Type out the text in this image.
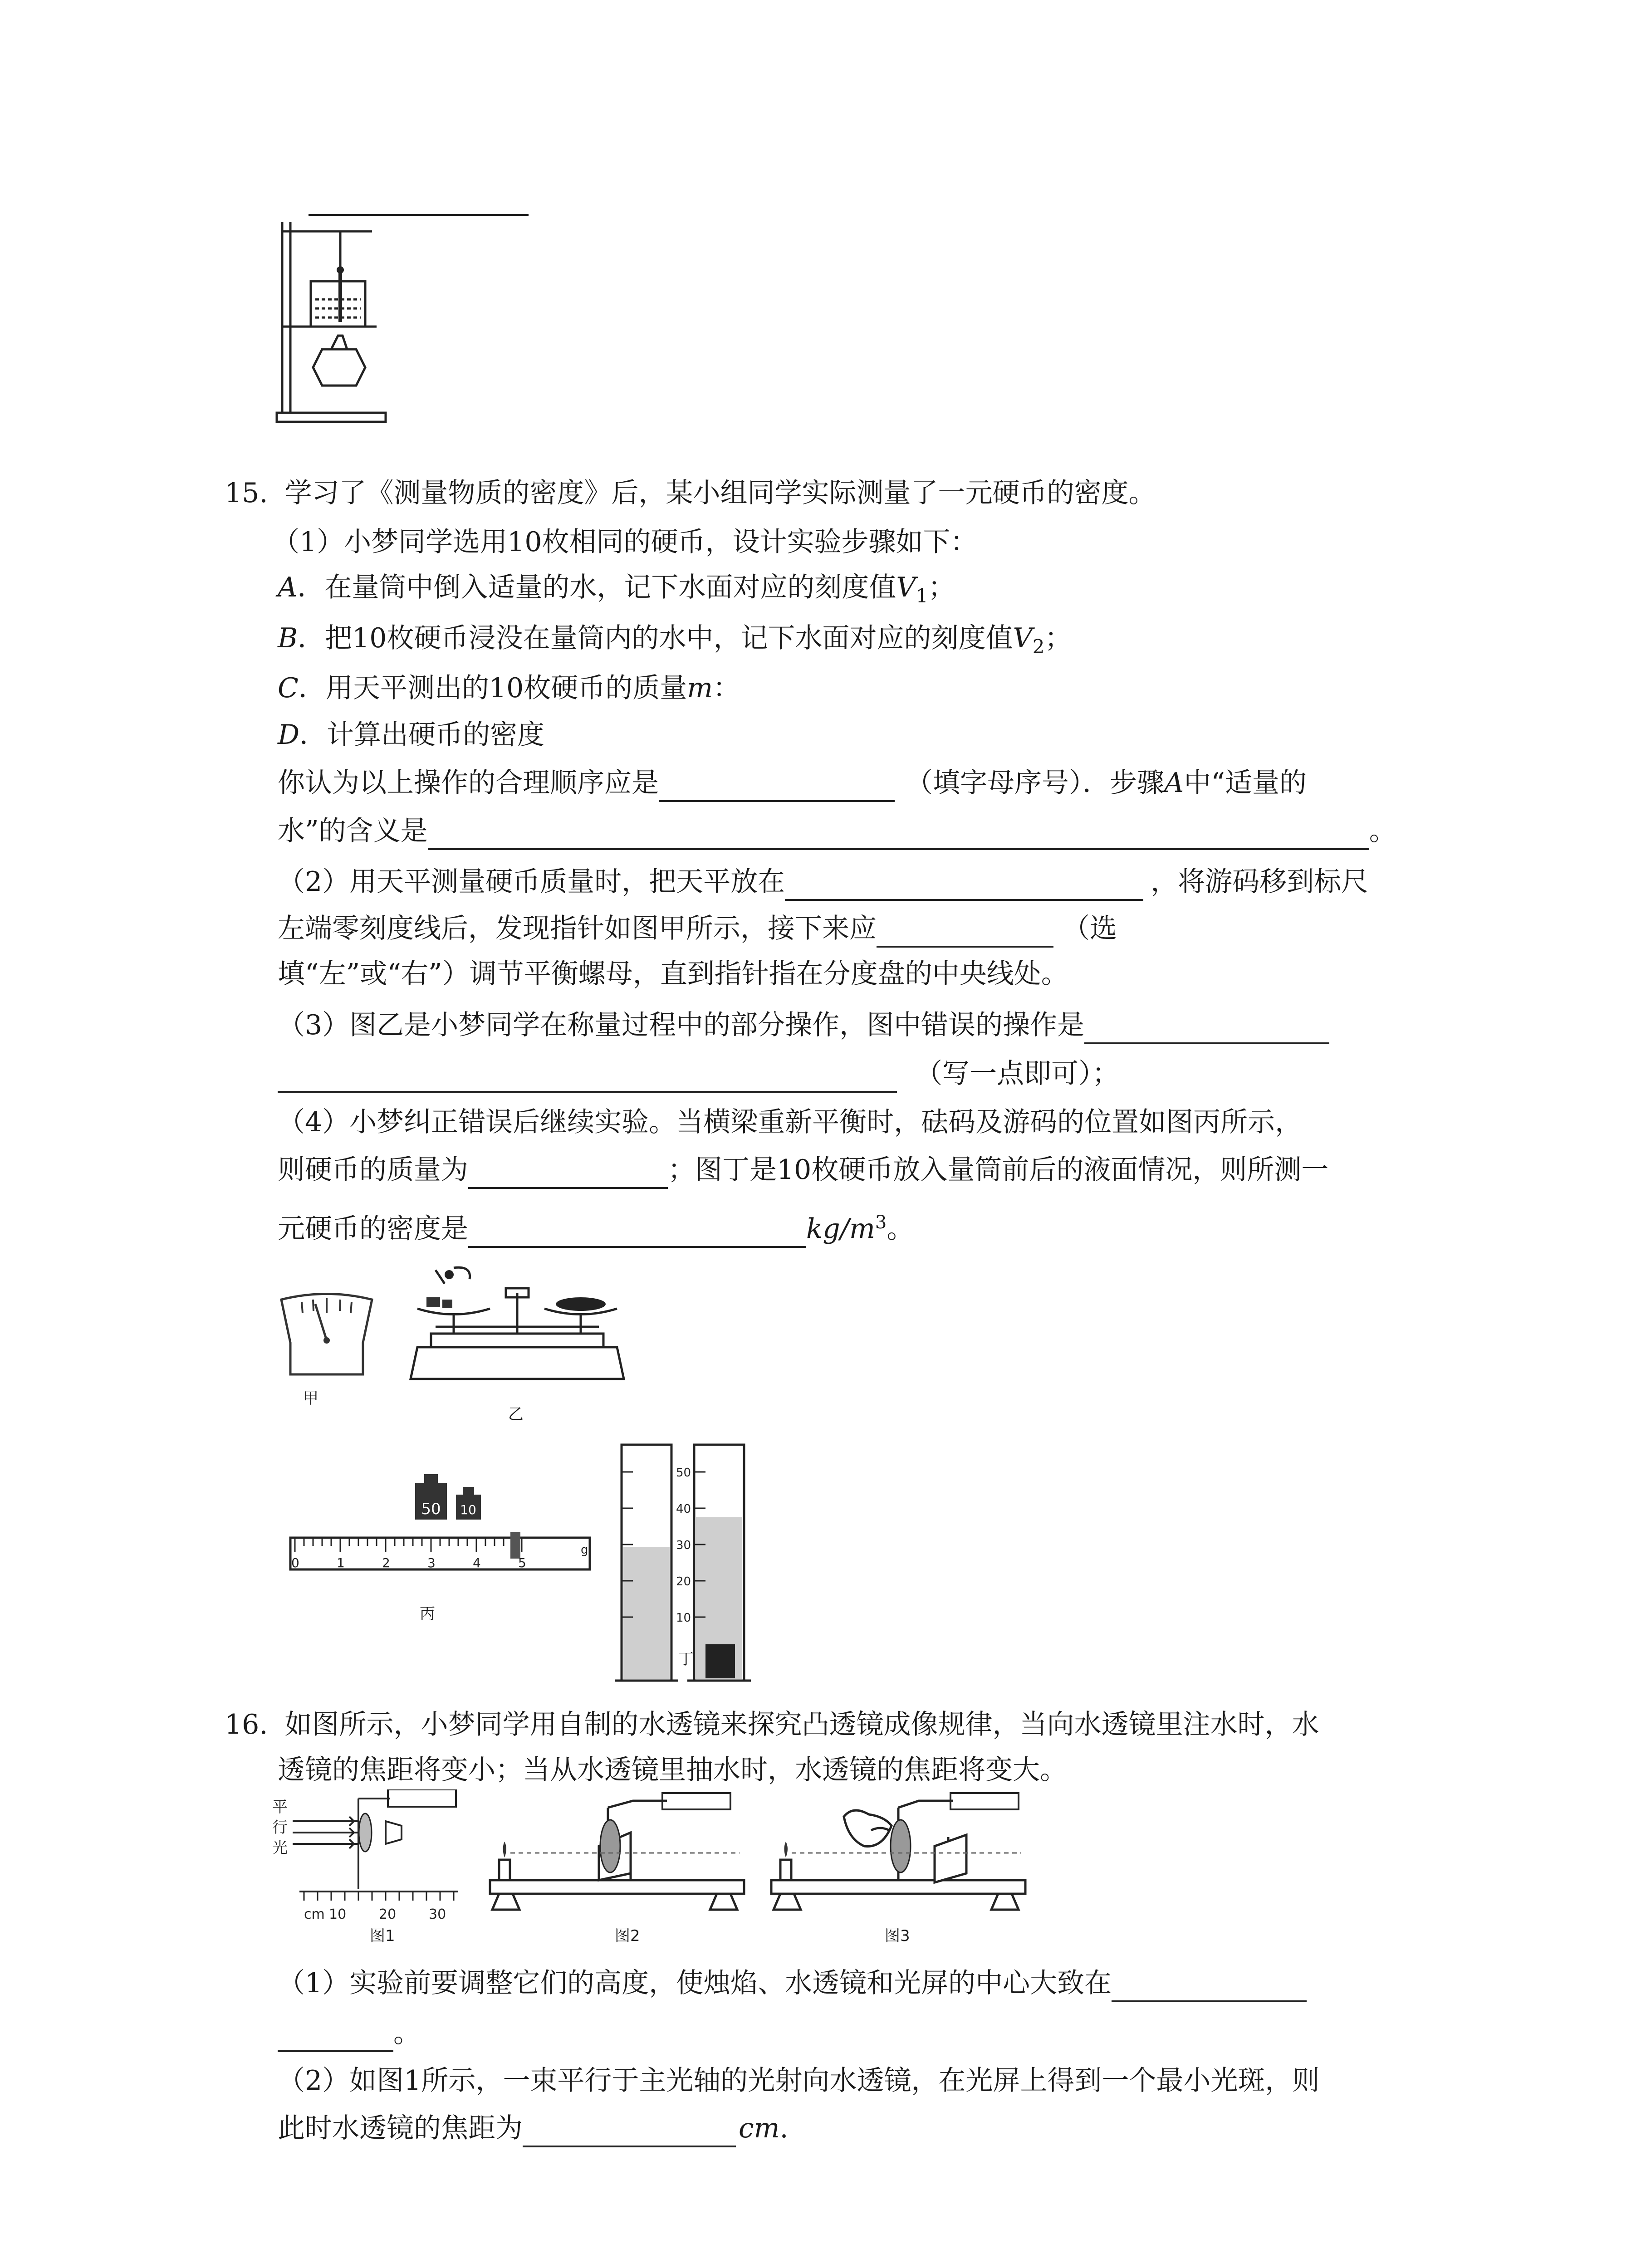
15. 学习了《测量物质的密度》后，某小组同学实际测量了一元硬币的密度。
（1）小梦同学选用10枚相同的硬币，设计实验步骤如下：
A．在量筒中倒入适量的水，记下水面对应的刻度值$V_1$；
B．把10枚硬币浸没在量筒内的水中，记下水面对应的刻度值$V_2$；
C．用天平测出的10枚硬币的质量m：
D．计算出硬币的密度
你认为以上操作的合理顺序应是	（填字母序号）．步骤A中“适量的
水”的含义是	。
（2）用天平测量硬币质量时，把天平放在	，将游码移到标尺
左端零刻度线后，发现指针如图甲所示，接下来应	（选
填“左”或“右”）调节平衡螺母，直到指针指在分度盘的中央线处。
（3）图乙是小梦同学在称量过程中的部分操作，图中错误的操作是
（写一点即可）；
（4）小梦纠正错误后继续实验。当横梁重新平衡时，砝码及游码的位置如图丙所示，
则硬币的质量为	；图丁是10枚硬币放入量筒前后的液面情况，则所测一
元硬币的密度是	$kg/m^3$。
甲
乙
50 10
0	1	2	3	4	5
g
丙
50
40
30
20
10
丁
16. 如图所示，小梦同学用自制的水透镜来探究凸透镜成像规律，当向水透镜里注水时，水
透镜的焦距将变小；当从水透镜里抽水时，水透镜的焦距将变大。
平
行
光
cm 10 20 30
图1	图2	图3
（1）实验前要调整它们的高度，使烛焰、水透镜和光屏的中心大致在
。
（2）如图1所示，一束平行于主光轴的光射向水透镜，在光屏上得到一个最小光斑，则
此时水透镜的焦距为	cm.
